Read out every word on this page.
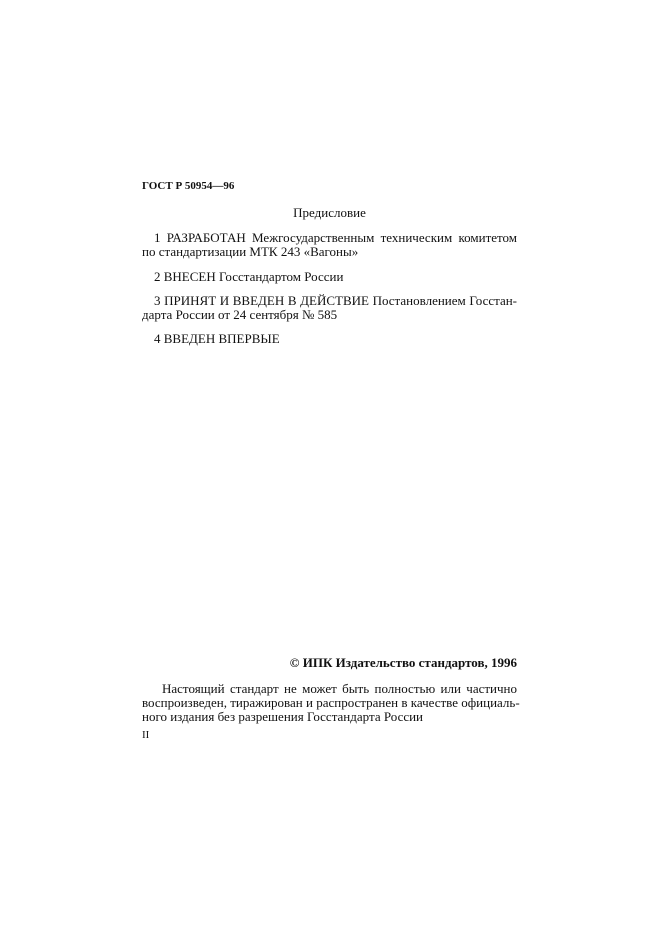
ГОСТ Р 50954—96
Предисловие
1 РАЗРАБОТАН Межгосударственным техническим комитетом
по стандартизации МТК 243 «Вагоны»
2 ВНЕСЕН Госстандартом России
3 ПРИНЯТ И ВВЕДЕН В ДЕЙСТВИЕ Постановлением Госстан-
дарта России от 24 сентября № 585
4 ВВЕДЕН ВПЕРВЫЕ
© ИПК Издательство стандартов, 1996
Настоящий стандарт не может быть полностью или частично
воспроизведен, тиражирован и распространен в качестве официаль-
ного издания без разрешения Госстандарта России
II
